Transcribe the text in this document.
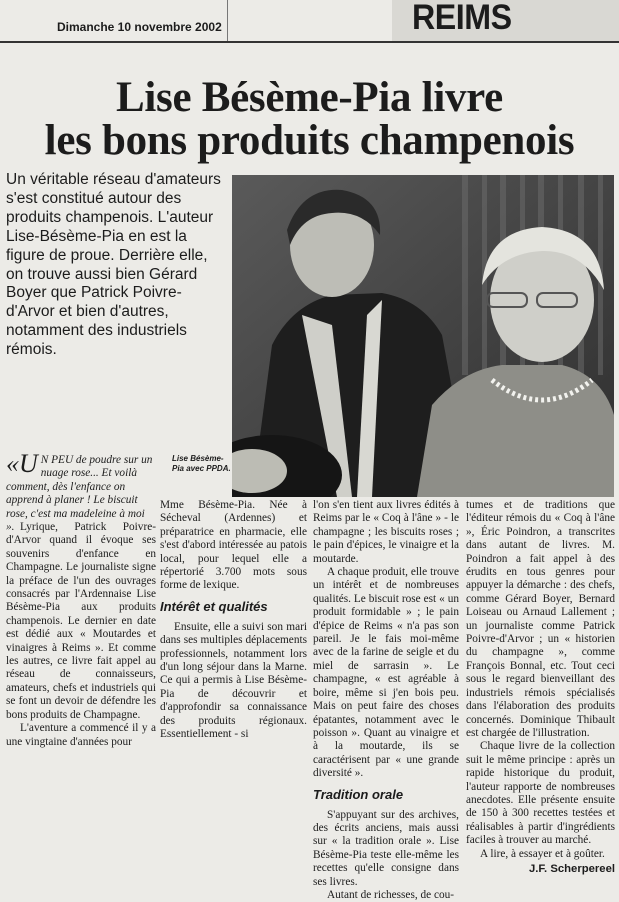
Dimanche 10 novembre 2002	REIMS
Lise Bésème-Pia livre
les bons produits champenois
Un véritable réseau d'amateurs s'est constitué autour des produits champenois. L'auteur Lise-Bésème-Pia en est la figure de proue. Derrière elle, on trouve aussi bien Gérard Boyer que Patrick Poivre-d'Arvor et bien d'autres, notamment des industriels rémois.
Lise Bésème-Pia avec PPDA.
«U N PEU de poudre sur un nuage rose... Et voilà comment, dès l'enfance on apprend à planer ! Le biscuit rose, c'est ma madeleine à moi ». Lyrique, Patrick Poivre-d'Arvor quand il évoque ses souvenirs d'enfance en Champagne. Le journaliste signe la préface de l'un des ouvrages consacrés par l'Ardennaise Lise Bésème-Pia aux produits champenois. Le dernier en date est dédié aux « Moutardes et vinaigres à Reims ». Et comme les autres, ce livre fait appel au réseau de connaisseurs, amateurs, chefs et industriels qui se font un devoir de défendre les bons produits de Champagne.

L'aventure a commencé il y a une vingtaine d'années pour

Mme Bésème-Pia. Née à Sécheval (Ardennes) et préparatrice en pharmacie, elle s'est d'abord intéressée au patois local, pour lequel elle a répertorié 3.700 mots sous forme de lexique.

Intérêt et qualités

Ensuite, elle a suivi son mari dans ses multiples déplacements professionnels, notamment lors d'un long séjour dans la Marne. Ce qui a permis à Lise Bésème-Pia de découvrir et d'approfondir sa connaissance des produits régionaux. Essentiellement - si

l'on s'en tient aux livres édités à Reims par le « Coq à l'âne » - le champagne ; les biscuits roses ; le pain d'épices, le vinaigre et la moutarde.

A chaque produit, elle trouve un intérêt et de nombreuses qualités. Le biscuit rose est « un produit formidable » ; le pain d'épice de Reims « n'a pas son pareil. Je le fais moi-même avec de la farine de seigle et du miel de sarrasin ». Le champagne, « est agréable à boire, même si j'en bois peu. Mais on peut faire des choses épatantes, notamment avec le poisson ». Quant au vinaigre et à la moutarde, ils se caractérisent par « une grande diversité ».

Tradition orale

S'appuyant sur des archives, des écrits anciens, mais aussi sur « la tradition orale ». Lise Bésème-Pia teste elle-même les recettes qu'elle consigne dans ses livres.

Autant de richesses, de cou-

tumes et de traditions que l'éditeur rémois du « Coq à l'âne », Éric Poindron, a transcrites dans autant de livres. M. Poindron a fait appel à des érudits en tous genres pour appuyer la démarche : des chefs, comme Gérard Boyer, Bernard Loiseau ou Arnaud Lallement ; un journaliste comme Patrick Poivre-d'Arvor ; un « historien du champagne », comme François Bonnal, etc. Tout ceci sous le regard bienveillant des industriels rémois spécialisés dans l'élaboration des produits concernés. Dominique Thibault est chargée de l'illustration.

Chaque livre de la collection suit le même principe : après un rapide historique du produit, l'auteur rapporte de nombreuses anecdotes. Elle présente ensuite de 150 à 300 recettes testées et réalisables à partir d'ingrédients faciles à trouver au marché.

A lire, à essayer et à goûter.

J.F. Scherpereel
